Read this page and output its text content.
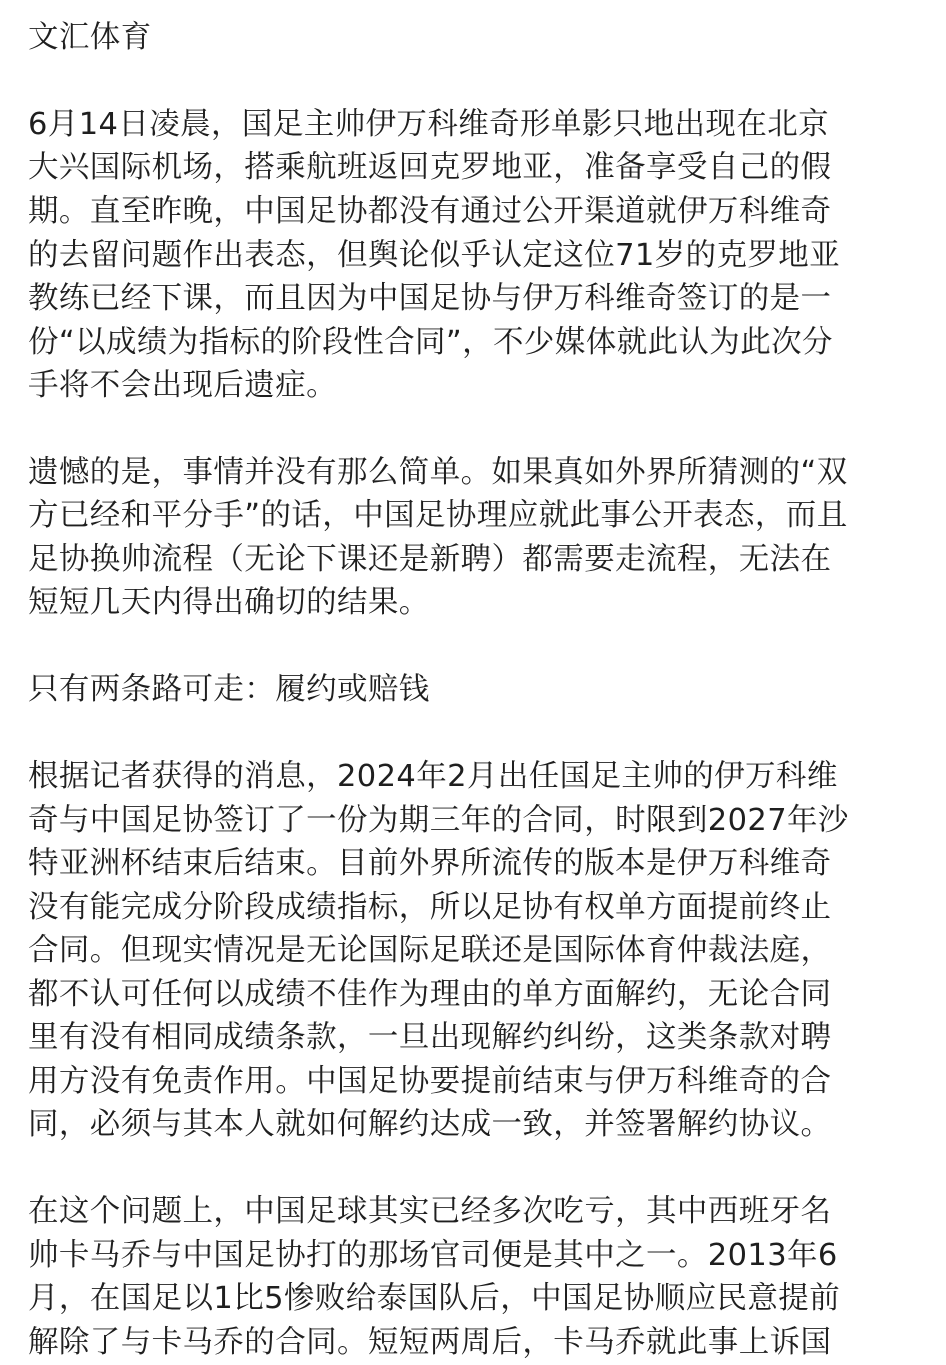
文汇体育
6月14日凌晨，国足主帅伊万科维奇形单影只地出现在北京
大兴国际机场，搭乘航班返回克罗地亚，准备享受自己的假
期。直至昨晚，中国足协都没有通过公开渠道就伊万科维奇
的去留问题作出表态，但舆论似乎认定这位71岁的克罗地亚
教练已经下课，而且因为中国足协与伊万科维奇签订的是一
份“以成绩为指标的阶段性合同”，不少媒体就此认为此次分
手将不会出现后遗症。
遗憾的是，事情并没有那么简单。如果真如外界所猜测的“双
方已经和平分手”的话，中国足协理应就此事公开表态，而且
足协换帅流程（无论下课还是新聘）都需要走流程，无法在
短短几天内得出确切的结果。
只有两条路可走：履约或赔钱
根据记者获得的消息，2024年2月出任国足主帅的伊万科维
奇与中国足协签订了一份为期三年的合同，时限到2027年沙
特亚洲杯结束后结束。目前外界所流传的版本是伊万科维奇
没有能完成分阶段成绩指标，所以足协有权单方面提前终止
合同。但现实情况是无论国际足联还是国际体育仲裁法庭，
都不认可任何以成绩不佳作为理由的单方面解约，无论合同
里有没有相同成绩条款，一旦出现解约纠纷，这类条款对聘
用方没有免责作用。中国足协要提前结束与伊万科维奇的合
同，必须与其本人就如何解约达成一致，并签署解约协议。
在这个问题上，中国足球其实已经多次吃亏，其中西班牙名
帅卡马乔与中国足协打的那场官司便是其中之一。2013年6
月，在国足以1比5惨败给泰国队后，中国足协顺应民意提前
解除了与卡马乔的合同。短短两周后，卡马乔就此事上诉国
